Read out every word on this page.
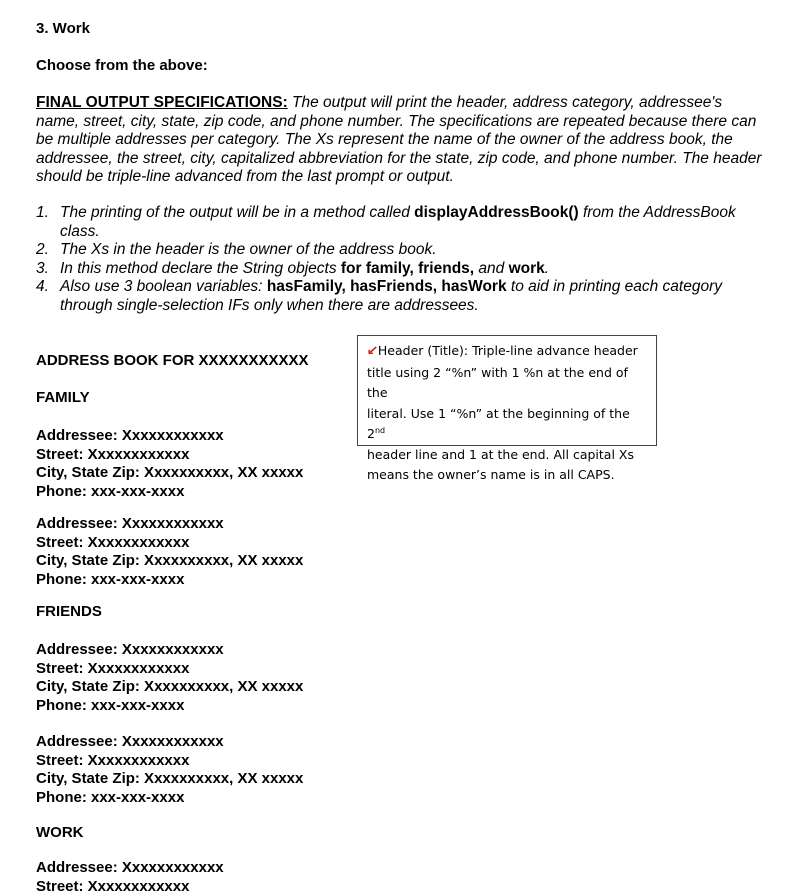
3. Work
Choose from the above:
FINAL OUTPUT SPECIFICATIONS: The output will print the header, address category, addressee's name, street, city, state, zip code, and phone number. The specifications are repeated because there can be multiple addresses per category. The Xs represent the name of the owner of the address book, the addressee, the street, city, capitalized abbreviation for the state, zip code, and phone number. The header should be triple-line advanced from the last prompt or output.
1. The printing of the output will be in a method called displayAddressBook() from the AddressBook class.
2. The Xs in the header is the owner of the address book.
3. In this method declare the String objects for family, friends, and work.
4. Also use 3 boolean variables: hasFamily, hasFriends, hasWork to aid in printing each category through single-selection IFs only when there are addressees.
ADDRESS BOOK FOR XXXXXXXXXXX
FAMILY
Addressee: Xxxxxxxxxxxx
Street: Xxxxxxxxxxxx
City, State Zip: Xxxxxxxxxx, XX xxxxx
Phone: xxx-xxx-xxxx
Addressee: Xxxxxxxxxxxx
Street: Xxxxxxxxxxxx
City, State Zip: Xxxxxxxxxx, XX xxxxx
Phone: xxx-xxx-xxxx
FRIENDS
Addressee: Xxxxxxxxxxxx
Street: Xxxxxxxxxxxx
City, State Zip: Xxxxxxxxxx, XX xxxxx
Phone: xxx-xxx-xxxx
Addressee: Xxxxxxxxxxxx
Street: Xxxxxxxxxxxx
City, State Zip: Xxxxxxxxxx, XX xxxxx
Phone: xxx-xxx-xxxx
WORK
Addressee: Xxxxxxxxxxxx
Street: Xxxxxxxxxxxx
↙Header (Title): Triple-line advance header
title using 2 “%n” with 1 %n at the end of the
literal. Use 1 “%n” at the beginning of the 2nd
header line and 1 at the end. All capital Xs
means the owner’s name is in all CAPS.
